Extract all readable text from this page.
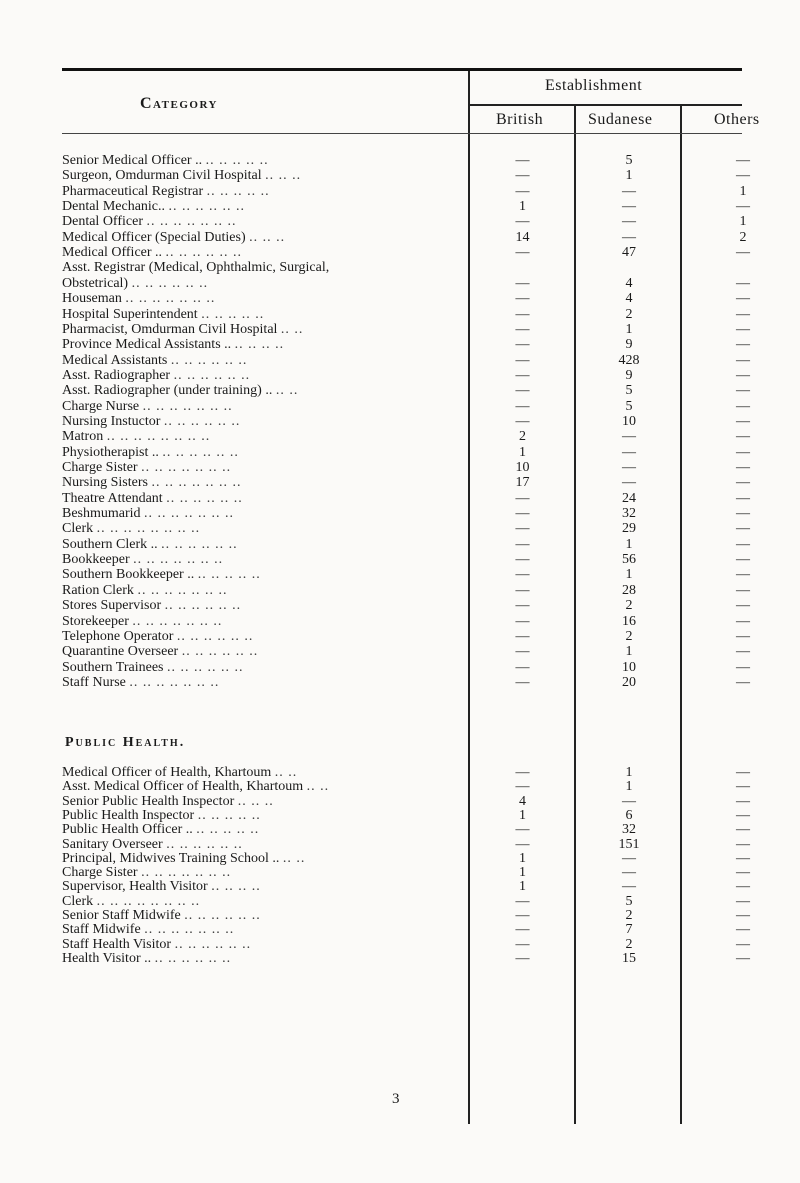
Category
Establishment
British	Sudanese	Others
Senior Medical Officer .. .. .. .. .. ..	—	5	—
Surgeon, Omdurman Civil Hospital .. .. ..	—	1	—
Pharmaceutical Registrar .. .. .. .. ..	—	—	1
Dental Mechanic.. .. .. .. .. .. ..	1	—	—
Dental Officer .. .. .. .. .. .. ..	—	—	1
Medical Officer (Special Duties) .. .. ..	14	—	2
Medical Officer .. .. .. .. .. .. ..	—	47	—
Asst. Registrar (Medical, Ophthalmic, Surgical,
Obstetrical) .. .. .. .. .. ..	—	4	—
Houseman .. .. .. .. .. .. ..	—	4	—
Hospital Superintendent .. .. .. .. ..	—	2	—
Pharmacist, Omdurman Civil Hospital .. ..	—	1	—
Province Medical Assistants .. .. .. .. ..	—	9	—
Medical Assistants .. .. .. .. .. ..	—	428	—
Asst. Radiographer .. .. .. .. .. ..	—	9	—
Asst. Radiographer (under training) .. .. ..	—	5	—
Charge Nurse .. .. .. .. .. .. ..	—	5	—
Nursing Instuctor .. .. .. .. .. ..	—	10	—
Matron .. .. .. .. .. .. .. ..	2	—	—
Physiotherapist .. .. .. .. .. .. ..	1	—	—
Charge Sister .. .. .. .. .. .. ..	10	—	—
Nursing Sisters .. .. .. .. .. .. ..	17	—	—
Theatre Attendant .. .. .. .. .. ..	—	24	—
Beshmumarid .. .. .. .. .. .. ..	—	32	—
Clerk .. .. .. .. .. .. .. ..	—	29	—
Southern Clerk .. .. .. .. .. .. ..	—	1	—
Bookkeeper .. .. .. .. .. .. ..	—	56	—
Southern Bookkeeper .. .. .. .. .. ..	—	1	—
Ration Clerk .. .. .. .. .. .. ..	—	28	—
Stores Supervisor .. .. .. .. .. ..	—	2	—
Storekeeper .. .. .. .. .. .. ..	—	16	—
Telephone Operator .. .. .. .. .. ..	—	2	—
Quarantine Overseer .. .. .. .. .. ..	—	1	—
Southern Trainees .. .. .. .. .. ..	—	10	—
Staff Nurse .. .. .. .. .. .. ..	—	20	—
Public Health.
Medical Officer of Health, Khartoum .. ..	—	1	—
Asst. Medical Officer of Health, Khartoum .. ..	—	1	—
Senior Public Health Inspector .. .. ..	4	—	—
Public Health Inspector .. .. .. .. ..	1	6	—
Public Health Officer .. .. .. .. .. ..	—	32	—
Sanitary Overseer .. .. .. .. .. ..	—	151	—
Principal, Midwives Training School .. .. ..	1	—	—
Charge Sister .. .. .. .. .. .. ..	1	—	—
Supervisor, Health Visitor .. .. .. ..	1	—	—
Clerk .. .. .. .. .. .. .. ..	—	5	—
Senior Staff Midwife .. .. .. .. .. ..	—	2	—
Staff Midwife .. .. .. .. .. .. ..	—	7	—
Staff Health Visitor .. .. .. .. .. ..	—	2	—
Health Visitor .. .. .. .. .. .. ..	—	15	—
3
